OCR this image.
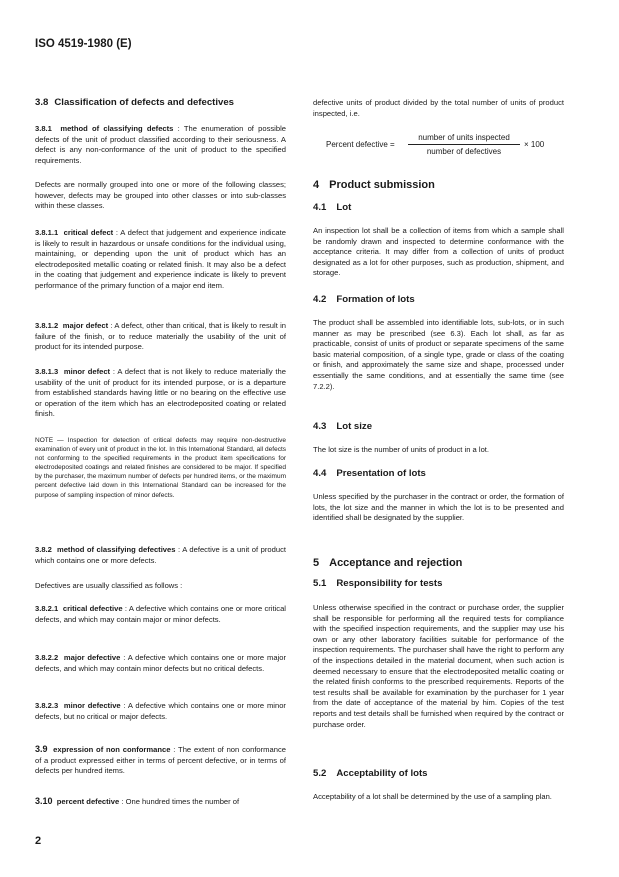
ISO 4519-1980 (E)
3.8 Classification of defects and defectives

3.8.1 method of classifying defects : The enumeration of possible defects of the unit of product classified according to their seriousness. A defect is any non-conformance of the unit of product to the specified requirements.

Defects are normally grouped into one or more of the following classes; however, defects may be grouped into other classes or into sub-classes within these classes.

3.8.1.1 critical defect : A defect that judgement and experience indicate is likely to result in hazardous or unsafe conditions for the individual using, maintaining, or depending upon the unit of product which has an electrodeposited metallic coating or related finish. It may also be a defect in the coating that judgement and experience indicate is likely to prevent performance of the primary function of a major end item.

3.8.1.2 major defect : A defect, other than critical, that is likely to result in failure of the finish, or to reduce materially the usability of the unit of product for its intended purpose.

3.8.1.3 minor defect : A defect that is not likely to reduce materially the usability of the unit of product for its intended purpose, or is a departure from established standards having little or no bearing on the effective use or operation of the item which has an electrodeposited coating or related finish.

NOTE — Inspection for detection of critical defects may require non-destructive examination of every unit of product in the lot. In this International Standard, all defects not conforming to the specified requirements in the product item specifications for electrodeposited coatings and related finishes are considered to be major. If specified by the purchaser, the maximum number of defects per hundred items, or the maximum percent defective laid down in this International Standard can be increased for the purpose of sampling inspection of minor defects.

3.8.2 method of classifying defectives : A defective is a unit of product which contains one or more defects.

Defectives are usually classified as follows :

3.8.2.1 critical defective : A defective which contains one or more critical defects, and which may contain major or minor defects.

3.8.2.2 major defective : A defective which contains one or more major defects, and which may contain minor defects but no critical defects.

3.8.2.3 minor defective : A defective which contains one or more minor defects, but no critical or major defects.

3.9 expression of non conformance : The extent of non conformance of a product expressed either in terms of percent defective, or in terms of defects per hundred items.

3.10 percent defective : One hundred times the number of

defective units of product divided by the total number of units of product inspected, i.e.

Percent defective =
number of units inspected
number of defectives
× 100
4 Product submission
4.1 Lot

An inspection lot shall be a collection of items from which a sample shall be randomly drawn and inspected to determine conformance with the acceptance criteria. It may differ from a collection of units of product designated as a lot for other purposes, such as production, shipment, and storage.

4.2 Formation of lots

The product shall be assembled into identifiable lots, sub-lots, or in such manner as may be prescribed (see 6.3). Each lot shall, as far as practicable, consist of units of product or separate specimens of the same basic material composition, of a single type, grade or class of the coating or finish, and approximately the same size and shape, processed under essentially the same conditions, and at essentially the same time (see 7.2.2).

4.3 Lot size

The lot size is the number of units of product in a lot.

4.4 Presentation of lots

Unless specified by the purchaser in the contract or order, the formation of lots, the lot size and the manner in which the lot is to be presented and identified shall be designated by the supplier.

5 Acceptance and rejection
5.1 Responsibility for tests

Unless otherwise specified in the contract or purchase order, the supplier shall be responsible for performing all the required tests for compliance with the specified inspection requirements, and the supplier may use his own or any other laboratory facilities suitable for performance of the inspection requirements. The purchaser shall have the right to perform any of the inspections detailed in the material document, when such action is deemed necessary to ensure that the electrodeposited metallic coating or the related finish conforms to the prescribed requirements. Reports of the test results shall be available for examination by the purchaser for 1 year from the date of acceptance of the material by him. Copies of the test reports and test details shall be furnished when required by the contract or purchase order.

5.2 Acceptability of lots

Acceptability of a lot shall be determined by the use of a sampling plan.

2
